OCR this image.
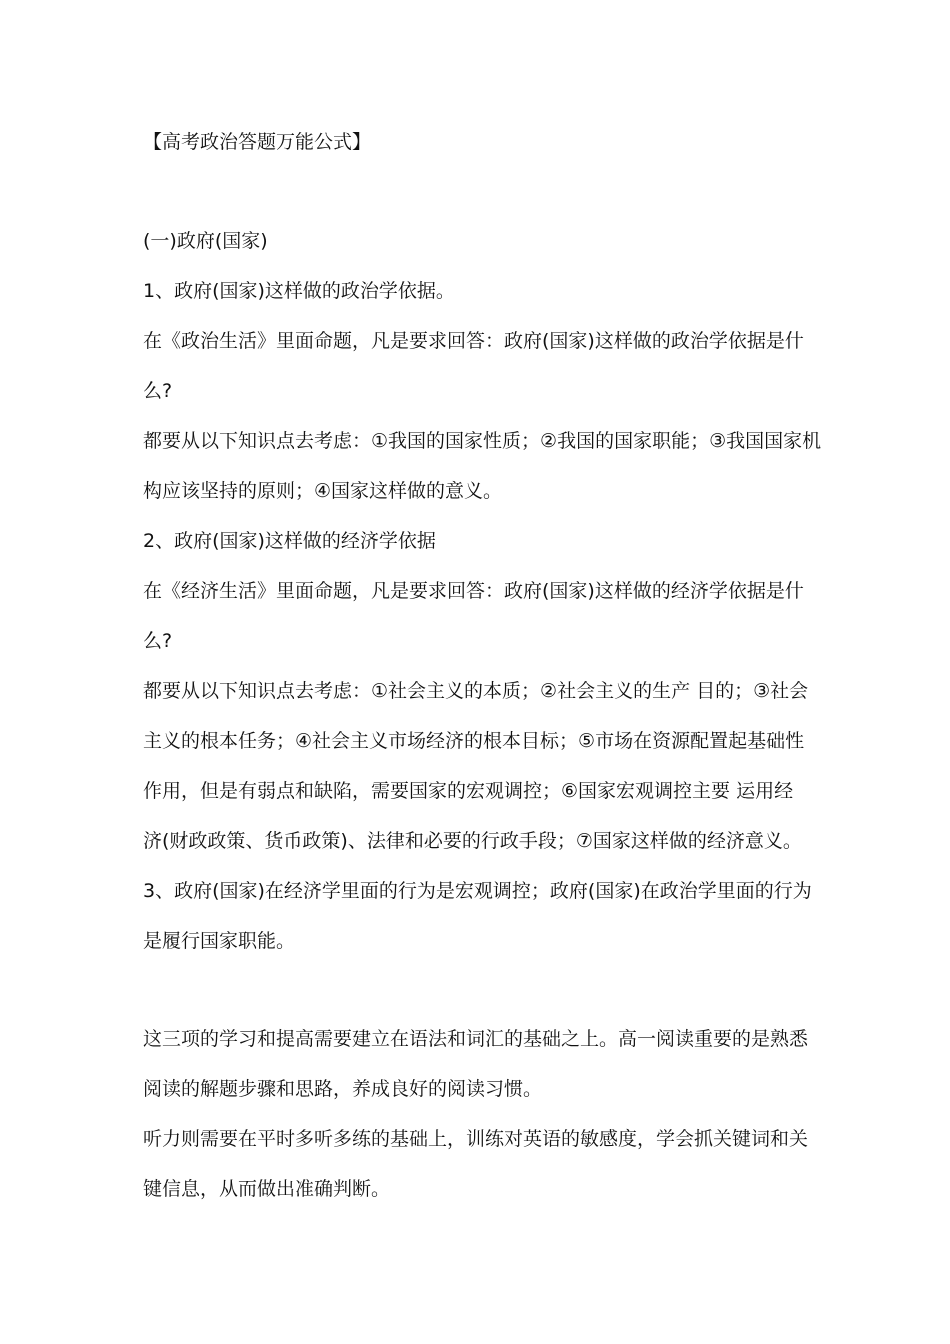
【高考政治答题万能公式】
(一)政府(国家)
1、政府(国家)这样做的政治学依据。
在《政治生活》里面命题，凡是要求回答：政府(国家)这样做的政治学依据是什
么?
都要从以下知识点去考虑：①我国的国家性质；②我国的国家职能；③我国国家机
构应该坚持的原则；④国家这样做的意义。
2、政府(国家)这样做的经济学依据
在《经济生活》里面命题，凡是要求回答：政府(国家)这样做的经济学依据是什
么?
都要从以下知识点去考虑：①社会主义的本质；②社会主义的生产 目的；③社会
主义的根本任务；④社会主义市场经济的根本目标；⑤市场在资源配置起基础性
作用，但是有弱点和缺陷，需要国家的宏观调控；⑥国家宏观调控主要 运用经
济(财政政策、货币政策)、法律和必要的行政手段；⑦国家这样做的经济意义。
3、政府(国家)在经济学里面的行为是宏观调控；政府(国家)在政治学里面的行为
是履行国家职能。
这三项的学习和提高需要建立在语法和词汇的基础之上。高一阅读重要的是熟悉
阅读的解题步骤和思路，养成良好的阅读习惯。
听力则需要在平时多听多练的基础上，训练对英语的敏感度，学会抓关键词和关
键信息，从而做出准确判断。
